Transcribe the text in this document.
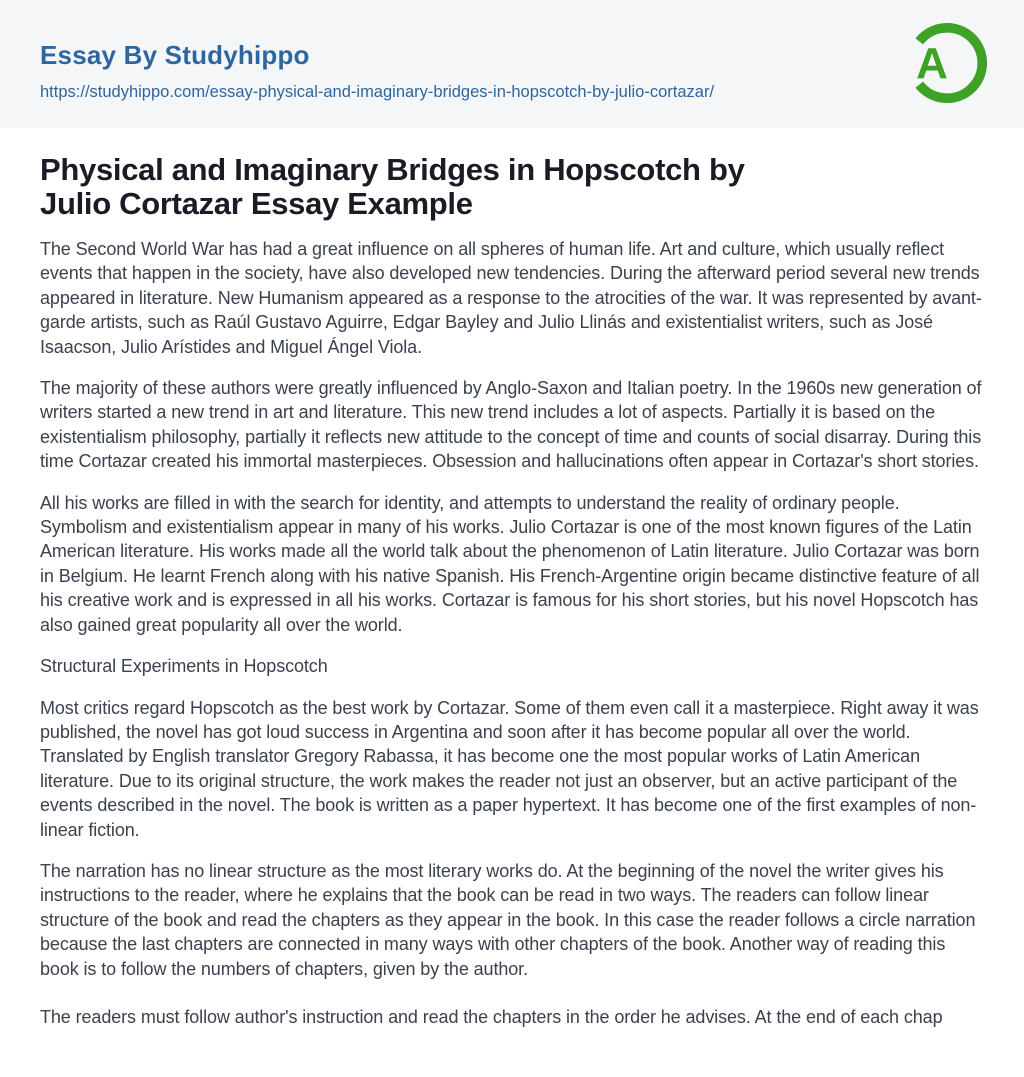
Essay By Studyhippo
https://studyhippo.com/essay-physical-and-imaginary-bridges-in-hopscotch-by-julio-cortazar/
A
Physical and Imaginary Bridges in Hopscotch by
Julio Cortazar Essay Example

The Second World War has had a great influence on all spheres of human life. Art and culture, which usually reflect events that happen in the society, have also developed new tendencies. During the afterward period several new trends appeared in literature. New Humanism appeared as a response to the atrocities of the war. It was represented by avant-garde artists, such as Raúl Gustavo Aguirre, Edgar Bayley and Julio Llinás and existentialist writers, such as José Isaacson, Julio Arístides and Miguel Ángel Viola.

The majority of these authors were greatly influenced by Anglo-Saxon and Italian poetry. In the 1960s new generation of writers started a new trend in art and literature. This new trend includes a lot of aspects. Partially it is based on the existentialism philosophy, partially it reflects new attitude to the concept of time and counts of social disarray. During this time Cortazar created his immortal masterpieces. Obsession and hallucinations often appear in Cortazar's short stories.

All his works are filled in with the search for identity, and attempts to understand the reality of ordinary people. Symbolism and existentialism appear in many of his works. Julio Cortazar is one of the most known figures of the Latin American literature. His works made all the world talk about the phenomenon of Latin literature. Julio Cortazar was born in Belgium. He learnt French along with his native Spanish. His French-Argentine origin became distinctive feature of all his creative work and is expressed in all his works. Cortazar is famous for his short stories, but his novel Hopscotch has also gained great popularity all over the world.

Structural Experiments in Hopscotch

Most critics regard Hopscotch as the best work by Cortazar. Some of them even call it a masterpiece. Right away it was published, the novel has got loud success in Argentina and soon after it has become popular all over the world. Translated by English translator Gregory Rabassa, it has become one the most popular works of Latin American literature. Due to its original structure, the work makes the reader not just an observer, but an active participant of the events described in the novel. The book is written as a paper hypertext. It has become one of the first examples of non-linear fiction.

The narration has no linear structure as the most literary works do. At the beginning of the novel the writer gives his instructions to the reader, where he explains that the book can be read in two ways. The readers can follow linear structure of the book and read the chapters as they appear in the book. In this case the reader follows a circle narration because the last chapters are connected in many ways with other chapters of the book. Another way of reading this book is to follow the numbers of chapters, given by the author.

The readers must follow author's instruction and read the chapters in the order he advises. At the end of each chap
